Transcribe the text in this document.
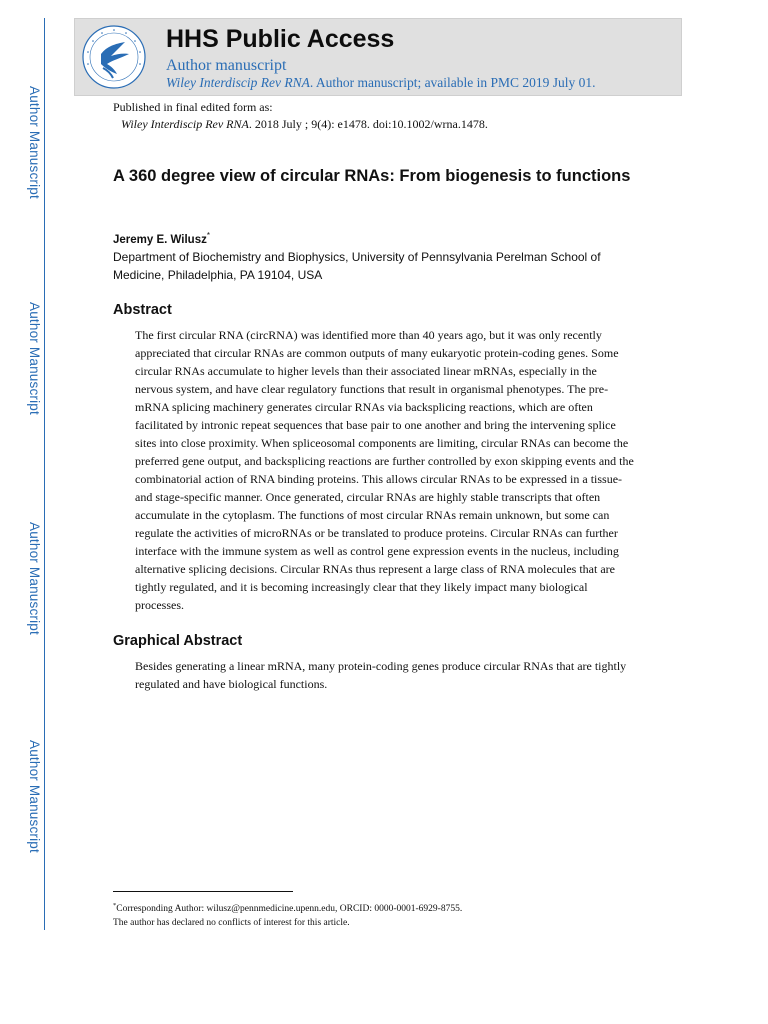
Author Manuscript
Author Manuscript
Author Manuscript
Author Manuscript
HHS Public Access
Author manuscript
Wiley Interdiscip Rev RNA. Author manuscript; available in PMC 2019 July 01.
Published in final edited form as:
Wiley Interdiscip Rev RNA. 2018 July ; 9(4): e1478. doi:10.1002/wrna.1478.
A 360 degree view of circular RNAs: From biogenesis to functions
Jeremy E. Wilusz*
Department of Biochemistry and Biophysics, University of Pennsylvania Perelman School of Medicine, Philadelphia, PA 19104, USA
Abstract

The first circular RNA (circRNA) was identified more than 40 years ago, but it was only recently appreciated that circular RNAs are common outputs of many eukaryotic protein-coding genes. Some circular RNAs accumulate to higher levels than their associated linear mRNAs, especially in the nervous system, and have clear regulatory functions that result in organismal phenotypes. The pre-mRNA splicing machinery generates circular RNAs via backsplicing reactions, which are often facilitated by intronic repeat sequences that base pair to one another and bring the intervening splice sites into close proximity. When spliceosomal components are limiting, circular RNAs can become the preferred gene output, and backsplicing reactions are further controlled by exon skipping events and the combinatorial action of RNA binding proteins. This allows circular RNAs to be expressed in a tissue- and stage-specific manner. Once generated, circular RNAs are highly stable transcripts that often accumulate in the cytoplasm. The functions of most circular RNAs remain unknown, but some can regulate the activities of microRNAs or be translated to produce proteins. Circular RNAs can further interface with the immune system as well as control gene expression events in the nucleus, including alternative splicing decisions. Circular RNAs thus represent a large class of RNA molecules that are tightly regulated, and it is becoming increasingly clear that they likely impact many biological processes.

Graphical Abstract

Besides generating a linear mRNA, many protein-coding genes produce circular RNAs that are tightly regulated and have biological functions.

*Corresponding Author: wilusz@pennmedicine.upenn.edu, ORCID: 0000-0001-6929-8755.
The author has declared no conflicts of interest for this article.
